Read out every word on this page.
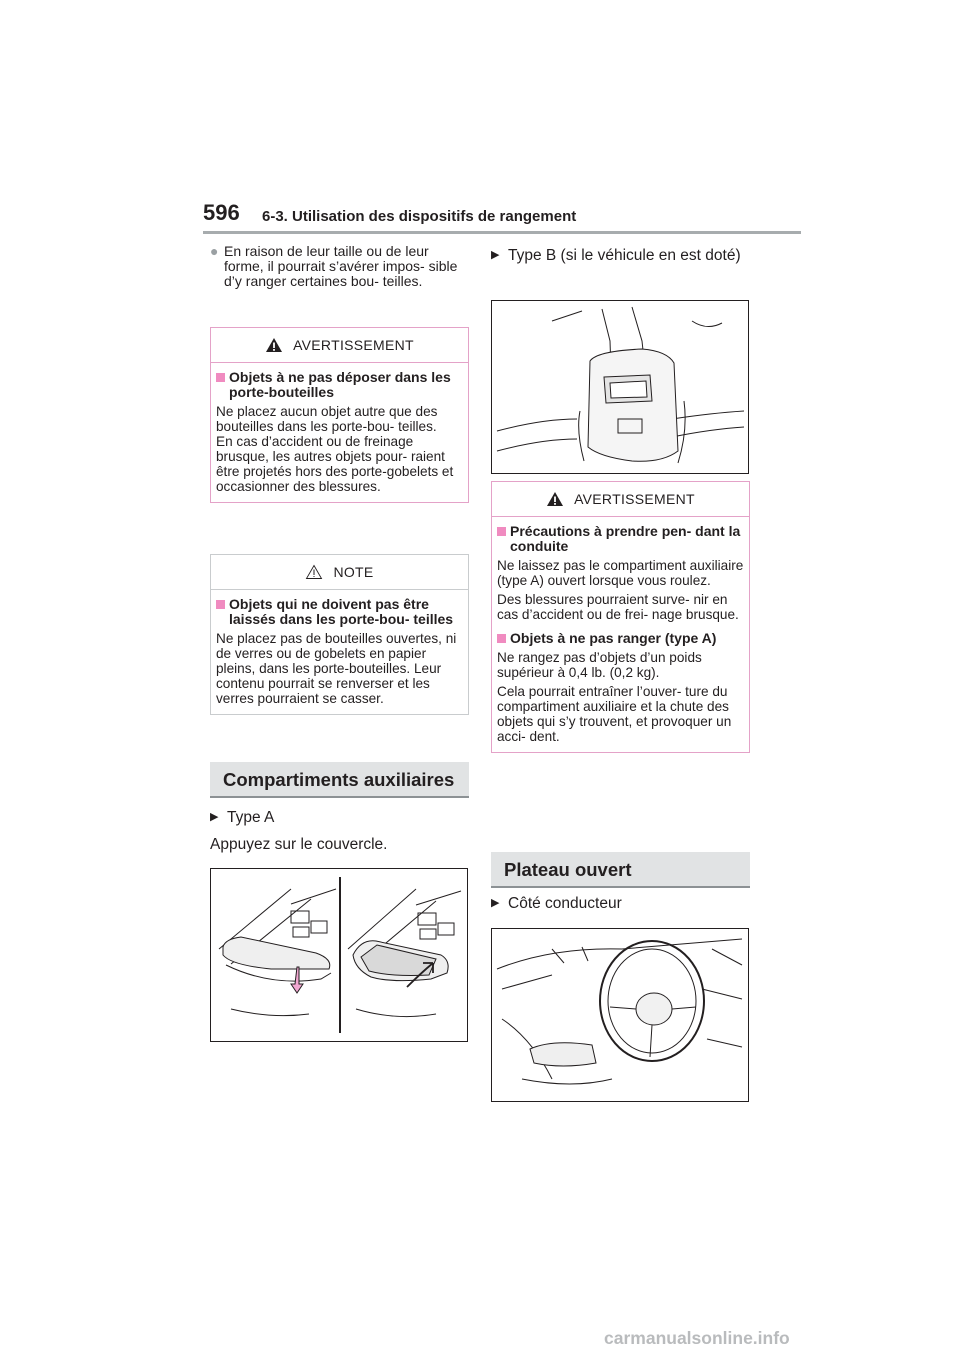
596 6-3. Utilisation des dispositifs de rangement
● En raison de leur taille ou de leur forme, il pourrait s’avérer impos- sible d’y ranger certaines bou- teilles.
AVERTISSEMENT
Objets à ne pas déposer dans les porte-bouteilles
Ne placez aucun objet autre que des bouteilles dans les porte-bou- teilles.
En cas d’accident ou de freinage brusque, les autres objets pour- raient être projetés hors des porte-gobelets et occasionner des blessures.
NOTE
Objets qui ne doivent pas être laissés dans les porte-bou- teilles
Ne placez pas de bouteilles ouvertes, ni de verres ou de gobelets en papier pleins, dans les porte-bouteilles. Leur contenu pourrait se renverser et les verres pourraient se casser.
Compartiments auxiliaires
▶ Type A
Appuyez sur le couvercle.
▶ Type B (si le véhicule en est doté)
AVERTISSEMENT
Précautions à prendre pen- dant la conduite
Ne laissez pas le compartiment auxiliaire (type A) ouvert lorsque vous roulez.
Des blessures pourraient surve- nir en cas d’accident ou de frei- nage brusque.
Objets à ne pas ranger (type A)
Ne rangez pas d’objets d’un poids supérieur à 0,4 lb. (0,2 kg).
Cela pourrait entraîner l’ouver- ture du compartiment auxiliaire et la chute des objets qui s’y trouvent, et provoquer un acci- dent.
Plateau ouvert
▶ Côté conducteur
carmanualsonline.info
